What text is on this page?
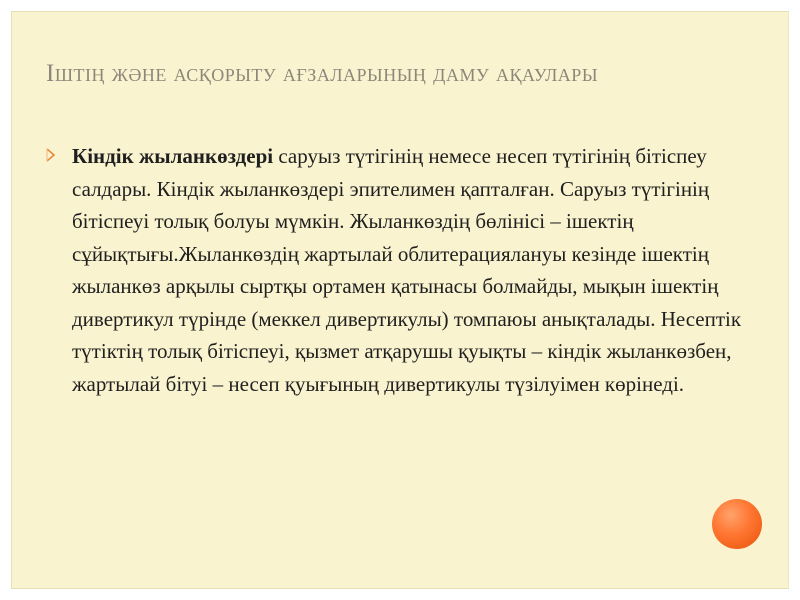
Іштің және асқорыту ағзаларының даму ақаулары

Кіндік жыланкөздері саруыз түтігінің немесе несеп түтігінің бітіспеу салдары. Кіндік жыланкөздері эпителимен қапталған. Саруыз түтігінің бітіспеуі толық болуы мүмкін. Жыланкөздің бөлінісі – ішектің сұйықтығы.Жыланкөздің жартылай облитерациялануы кезінде ішектің жыланкөз арқылы сыртқы ортамен қатынасы болмайды, мықын ішектің дивертикул түрінде (меккел дивертикулы) томпаюы анықталады. Несептік түтіктің толық бітіспеуі, қызмет атқарушы қуықты – кіндік жыланкөзбен, жартылай бітуі – несеп қуығының дивертикулы түзілуімен көрінеді.
